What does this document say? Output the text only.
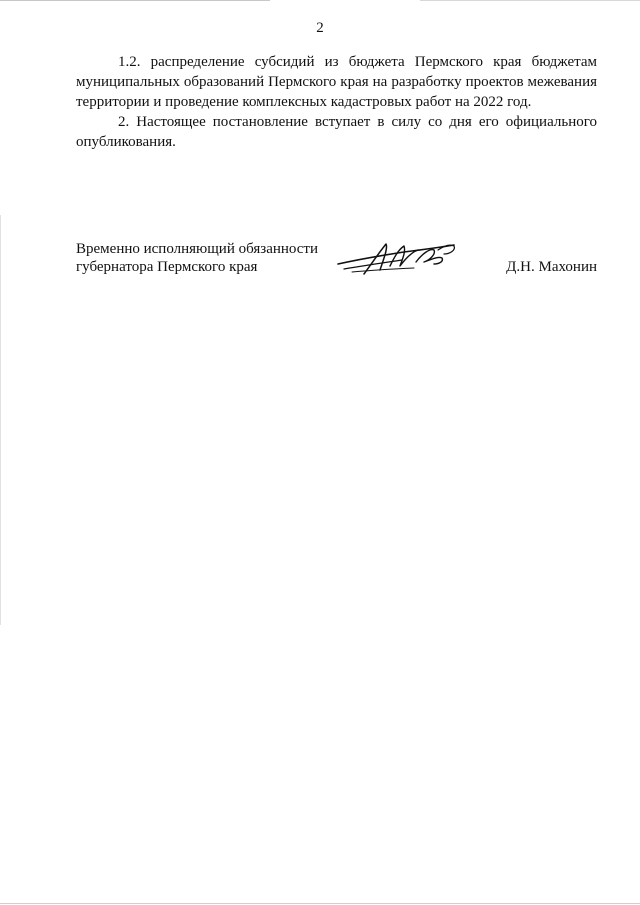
2

1.2. распределение субсидий из бюджета Пермского края бюджетам муниципальных образований Пермского края на разработку проектов межевания территории и проведение комплексных кадастровых работ на 2022 год.

2. Настоящее постановление вступает в силу со дня его официального опубликования.

Временно исполняющий обязанности
губернатора Пермского края	Д.Н. Махонин
